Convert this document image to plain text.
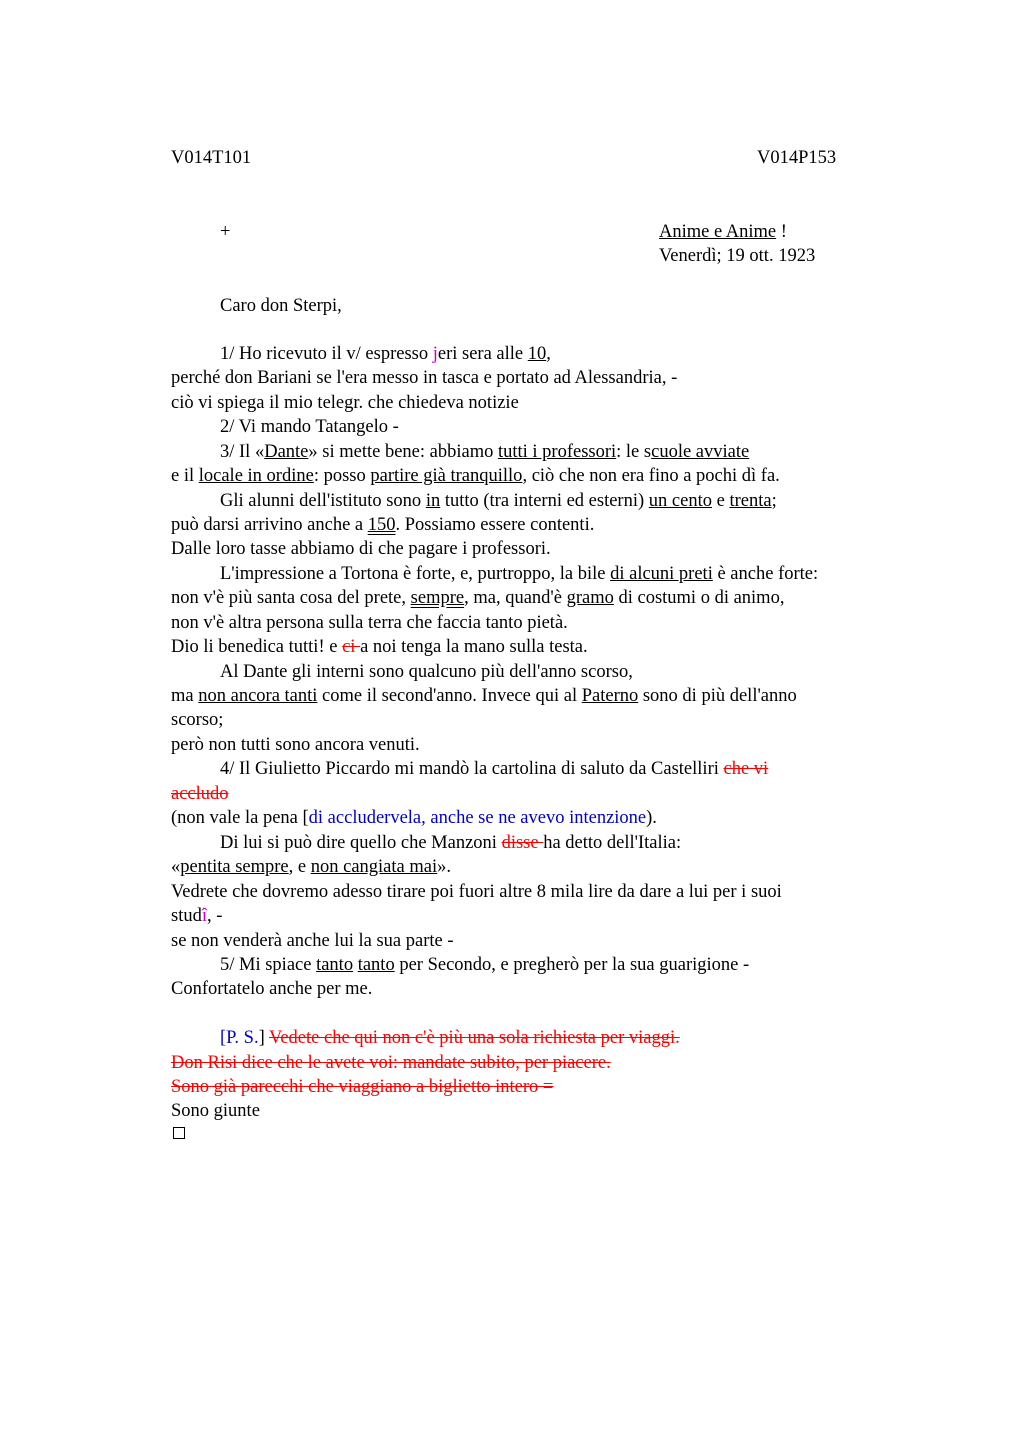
V014T101	V014P153
+	Anime e Anime !
Venerdì; 19 ott. 1923
Caro don Sterpi,
1/ Ho ricevuto il v/ espresso jeri sera alle 10,
perché don Bariani se l'era messo in tasca e portato ad Alessandria, -
ciò vi spiega il mio telegr. che chiedeva notizie
2/ Vi mando Tatangelo -
3/ Il «Dante» si mette bene: abbiamo tutti i professori: le scuole avviate
e il locale in ordine: posso partire già tranquillo, ciò che non era fino a pochi dì fa.
Gli alunni dell'istituto sono in tutto (tra interni ed esterni) un cento e trenta;
può darsi arrivino anche a 150. Possiamo essere contenti.
Dalle loro tasse abbiamo di che pagare i professori.
L'impressione a Tortona è forte, e, purtroppo, la bile di alcuni preti è anche forte:
non v'è più santa cosa del prete, sempre, ma, quand'è gramo di costumi o di animo,
non v'è altra persona sulla terra che faccia tanto pietà.
Dio li benedica tutti! e ci a noi tenga la mano sulla testa.
Al Dante gli interni sono qualcuno più dell'anno scorso,
ma non ancora tanti come il second'anno. Invece qui al Paterno sono di più dell'anno
scorso;
però non tutti sono ancora venuti.
4/ Il Giulietto Piccardo mi mandò la cartolina di saluto da Castelliri che vi
accludo
(non vale la pena [di accludervela, anche se ne avevo intenzione).
Di lui si può dire quello che Manzoni disse ha detto dell'Italia:
«pentita sempre, e non cangiata mai».
Vedrete che dovremo adesso tirare poi fuori altre 8 mila lire da dare a lui per i suoi
studî, -
se non venderà anche lui la sua parte -
5/ Mi spiace tanto tanto per Secondo, e pregherò per la sua guarigione -
Confortatelo anche per me.
[P. S.] Vedete che qui non c'è più una sola richiesta per viaggi.
Don Risi dice che le avete voi: mandate subito, per piacere.
Sono già parecchi che viaggiano a biglietto intero =
Sono giunte
